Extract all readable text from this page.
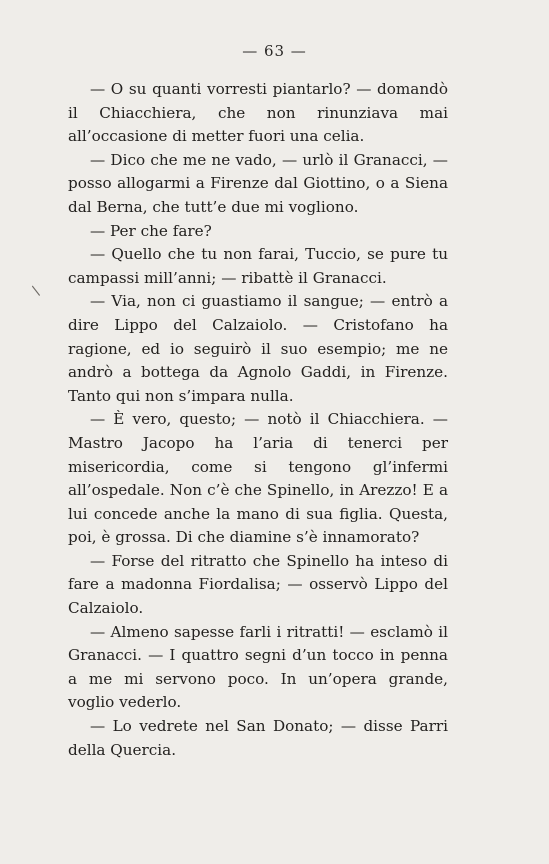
— 63 —
/

— O su quanti vorresti piantarlo? — domandò il Chiacchiera, che non rinunziava mai all’occasione di metter fuori una celia.

— Dico che me ne vado, — urlò il Granacci, — posso allogarmi a Firenze dal Giottino, o a Siena dal Berna, che tutt’e due mi vogliono.

— Per che fare?

— Quello che tu non farai, Tuccio, se pure tu campassi mill’anni; — ribattè il Granacci.

— Via, non ci guastiamo il sangue; — entrò a dire Lippo del Calzaiolo. — Cristofano ha ragione, ed io seguirò il suo esempio; me ne andrò a bottega da Agnolo Gaddi, in Firenze. Tanto qui non s’impara nulla.

— È vero, questo; — notò il Chiacchiera. — Mastro Jacopo ha l’aria di tenerci per misericordia, come si tengono gl’infermi all’ospedale. Non c’è che Spinello, in Arezzo! E a lui concede anche la mano di sua figlia. Questa, poi, è grossa. Di che diamine s’è innamorato?

— Forse del ritratto che Spinello ha inteso di fare a madonna Fiordalisa; — osservò Lippo del Calzaiolo.

— Almeno sapesse farli i ritratti! — esclamò il Granacci. — I quattro segni d’un tocco in penna a me mi servono poco. In un’opera grande, voglio vederlo.

— Lo vedrete nel San Donato; — disse Parri della Quercia.
